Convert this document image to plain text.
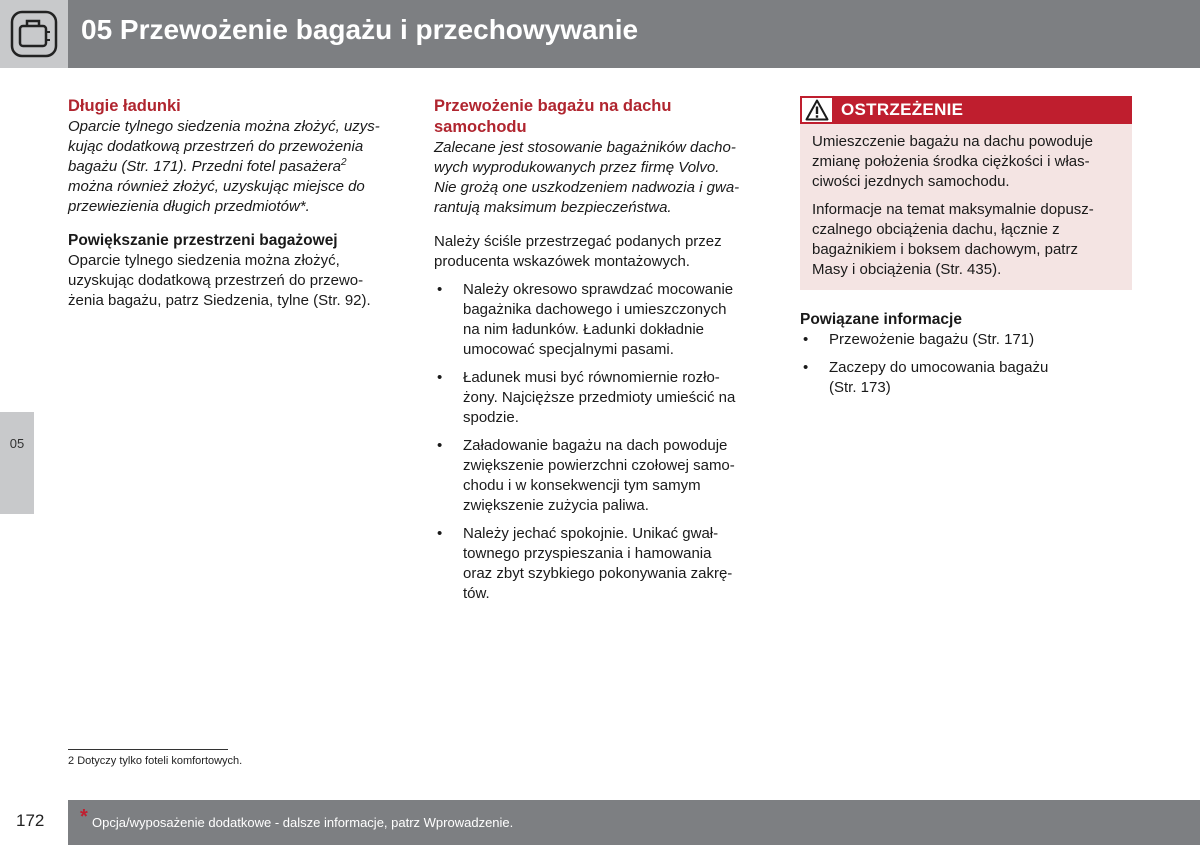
05 Przewożenie bagażu i przechowywanie
05

Długie ładunki

Oparcie tylnego siedzenia można złożyć, uzys-
kując dodatkową przestrzeń do przewożenia
bagażu (Str. 171). Przedni fotel pasażera$^2$
można również złożyć, uzyskując miejsce do
przewiezienia długich przedmiotów*.

Powiększanie przestrzeni bagażowej

Oparcie tylnego siedzenia można złożyć,
uzyskując dodatkową przestrzeń do przewo-
żenia bagażu, patrz Siedzenia, tylne (Str. 92).
Przewożenie bagażu na dachu
samochodu
Zalecane jest stosowanie bagażników dacho-
wych wyprodukowanych przez firmę Volvo.
Nie grożą one uszkodzeniem nadwozia i gwa-
rantują maksimum bezpieczeństwa.
Należy ściśle przestrzegać podanych przez
producenta wskazówek montażowych.
• Należy okresowo sprawdzać mocowanie
bagażnika dachowego i umieszczonych
na nim ładunków. Ładunki dokładnie
umocować specjalnymi pasami.
• Ładunek musi być równomiernie rozło-
żony. Najcięższe przedmioty umieścić na
spodzie.
• Załadowanie bagażu na dach powoduje
zwiększenie powierzchni czołowej samo-
chodu i w konsekwencji tym samym
zwiększenie zużycia paliwa.
• Należy jechać spokojnie. Unikać gwał-
townego przyspieszania i hamowania
oraz zbyt szybkiego pokonywania zakrę-
tów.
OSTRZEŻENIE
Umieszczenie bagażu na dachu powoduje
zmianę położenia środka ciężkości i włas-
ciwości jezdnych samochodu.
Informacje na temat maksymalnie dopusz-
czalnego obciążenia dachu, łącznie z
bagażnikiem i boksem dachowym, patrz
Masy i obciążenia (Str. 435).

Powiązane informacje

• Przewożenie bagażu (Str. 171)
• Zaczepy do umocowania bagażu
(Str. 173)
2 Dotyczy tylko foteli komfortowych.
172 * Opcja/wyposażenie dodatkowe - dalsze informacje, patrz Wprowadzenie.
